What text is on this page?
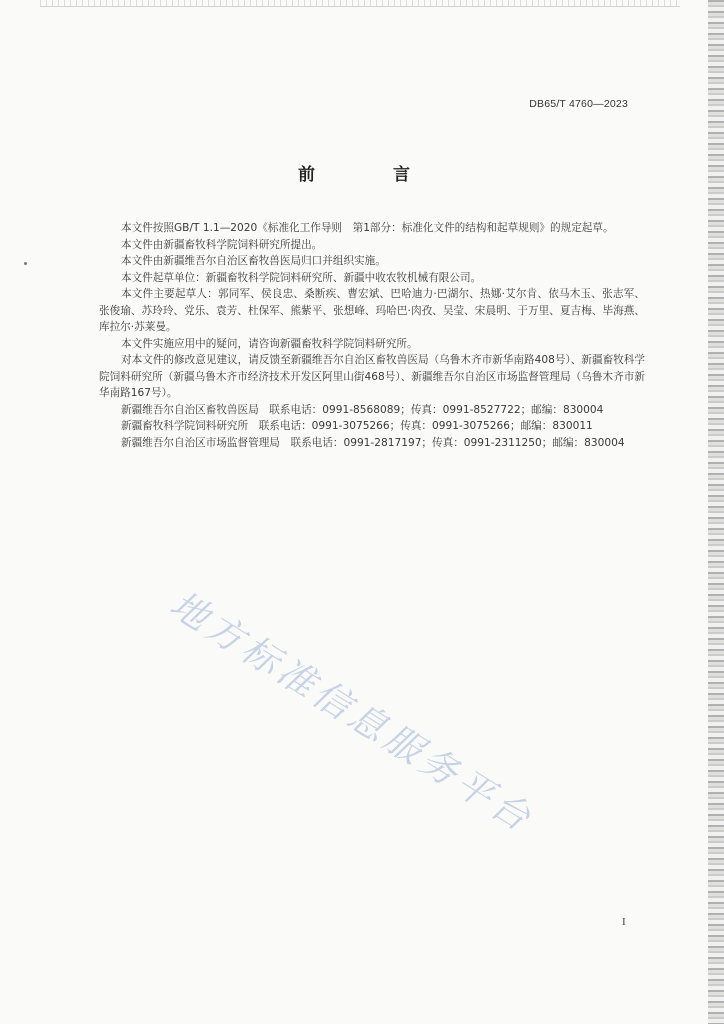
DB65/T 4760—2023
前 言

本文件按照GB/T 1.1—2020《标准化工作导则　第1部分：标准化文件的结构和起草规则》的规定起草。

本文件由新疆畜牧科学院饲料研究所提出。

本文件由新疆维吾尔自治区畜牧兽医局归口并组织实施。

本文件起草单位：新疆畜牧科学院饲料研究所、新疆中收农牧机械有限公司。

本文件主要起草人：郭同军、侯良忠、桑断疾、曹宏斌、巴哈迪力·巴湖尔、热娜·艾尔肯、依马木玉、张志军、张俊瑜、苏玲玲、党乐、袁芳、杜保军、熊紫平、张想峰、玛哈巴·肉孜、吴莹、宋晨明、于万里、夏吉梅、毕海燕、库拉尔·苏莱曼。

本文件实施应用中的疑问，请咨询新疆畜牧科学院饲料研究所。

对本文件的修改意见建议，请反馈至新疆维吾尔自治区畜牧兽医局（乌鲁木齐市新华南路408号）、新疆畜牧科学院饲料研究所（新疆乌鲁木齐市经济技术开发区阿里山街468号）、新疆维吾尔自治区市场监督管理局（乌鲁木齐市新华南路167号）。

新疆维吾尔自治区畜牧兽医局　联系电话：0991-8568089；传真：0991-8527722；邮编：830004

新疆畜牧科学院饲料研究所　联系电话：0991-3075266；传真：0991-3075266；邮编：830011

新疆维吾尔自治区市场监督管理局　联系电话：0991-2817197；传真：0991-2311250；邮编：830004

地方标准信息服务平台
I
